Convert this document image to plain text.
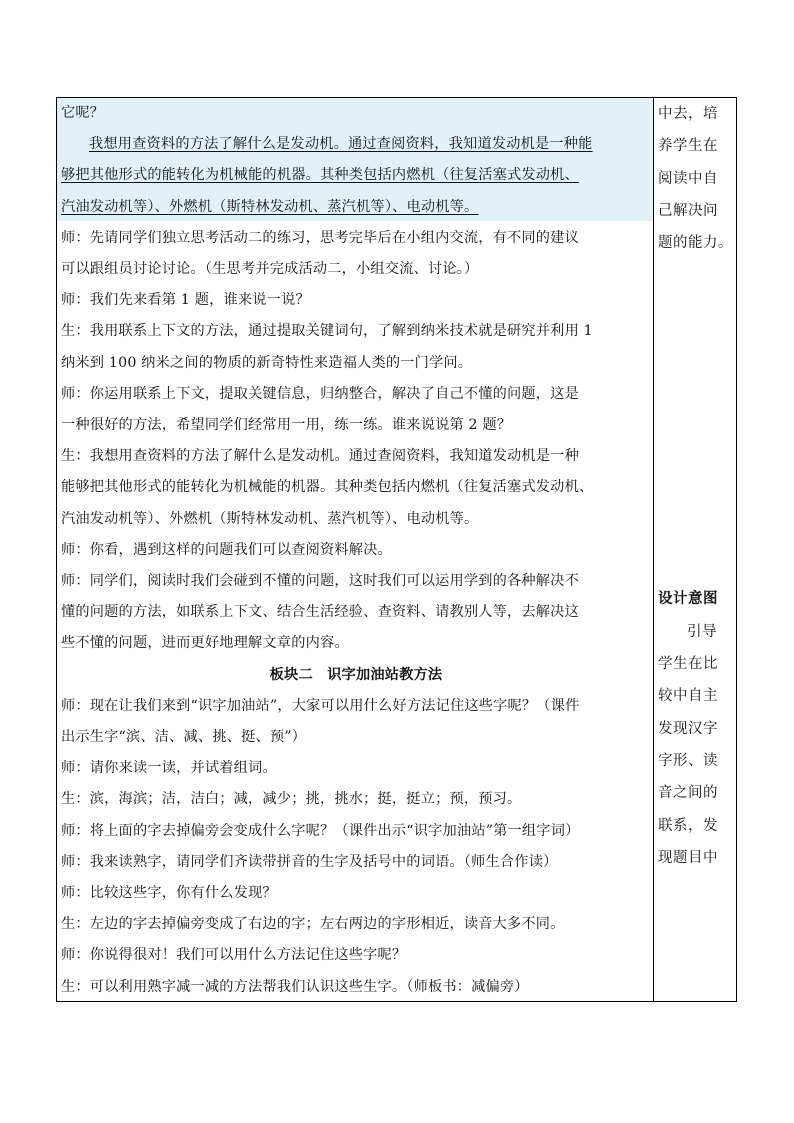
它呢？

我想用查资料的方法了解什么是发动机。通过查阅资料，我知道发动机是一种能

够把其他形式的能转化为机械能的机器。其种类包括内燃机（往复活塞式发动机、

汽油发动机等）、外燃机（斯特林发动机、蒸汽机等）、电动机等。

师：先请同学们独立思考活动二的练习，思考完毕后在小组内交流，有不同的建议

可以跟组员讨论讨论。（生思考并完成活动二，小组交流、讨论。）

师：我们先来看第 1 题，谁来说一说？

生：我用联系上下文的方法，通过提取关键词句，了解到纳米技术就是研究并利用 1

纳米到 100 纳米之间的物质的新奇特性来造福人类的一门学问。

师：你运用联系上下文，提取关键信息，归纳整合，解决了自己不懂的问题，这是

一种很好的方法，希望同学们经常用一用，练一练。谁来说说第 2 题？

生：我想用查资料的方法了解什么是发动机。通过查阅资料，我知道发动机是一种

能够把其他形式的能转化为机械能的机器。其种类包括内燃机（往复活塞式发动机、

汽油发动机等）、外燃机（斯特林发动机、蒸汽机等）、电动机等。

师：你看，遇到这样的问题我们可以查阅资料解决。

师：同学们，阅读时我们会碰到不懂的问题，这时我们可以运用学到的各种解决不

懂的问题的方法，如联系上下文、结合生活经验、查资料、请教别人等，去解决这

些不懂的问题，进而更好地理解文章的内容。

板块二　识字加油站教方法

师：现在让我们来到“识字加油站”，大家可以用什么好方法记住这些字呢？（课件

出示生字“滨、洁、减、挑、挺、预”）

师：请你来读一读，并试着组词。

生：滨，海滨；洁，洁白；减，减少；挑，挑水；挺，挺立；预，预习。

师：将上面的字去掉偏旁会变成什么字呢？（课件出示“识字加油站”第一组字词）

师：我来读熟字，请同学们齐读带拼音的生字及括号中的词语。（师生合作读）

师：比较这些字，你有什么发现？

生：左边的字去掉偏旁变成了右边的字；左右两边的字形相近，读音大多不同。

师：你说得很对！我们可以用什么方法记住这些字呢？

生：可以利用熟字减一减的方法帮我们认识这些生字。（师板书：减偏旁）

中去，培

养学生在

阅读中自

己解决问

题的能力。

设计意图

引导

学生在比

较中自主

发现汉字

字形、读

音之间的

联系，发

现题目中
